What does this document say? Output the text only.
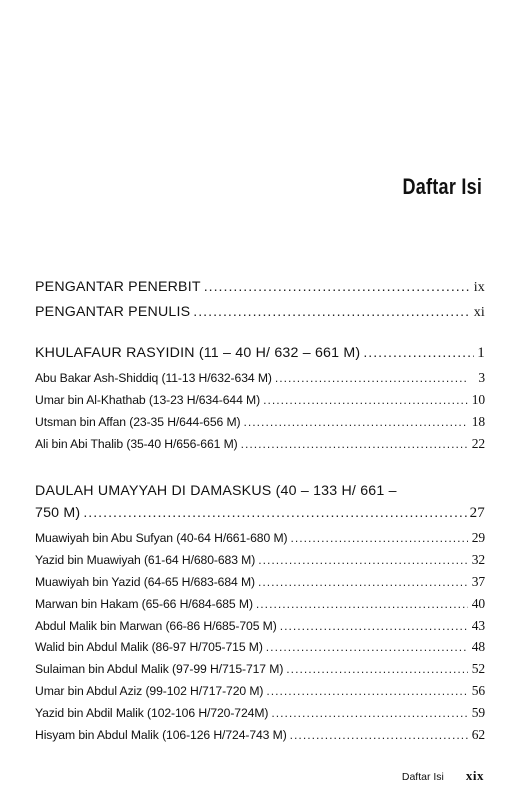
Daftar Isi
PENGANTAR PENERBIT .....	ix
PENGANTAR PENULIS .....	xi
KHULAFAUR RASYIDIN (11 – 40 H/ 632 – 661 M) .....	1
Abu Bakar Ash-Shiddiq (11-13 H/632-634 M) .....	3
Umar bin Al-Khathab (13-23 H/634-644 M) .....	10
Utsman bin Affan (23-35 H/644-656 M) .....	18
Ali bin Abi Thalib (35-40 H/656-661 M) .....	22
DAULAH UMAYYAH DI DAMASKUS (40 – 133 H/ 661 –
750 M) .....	27
Muawiyah bin Abu Sufyan (40-64 H/661-680 M) .....	29
Yazid bin Muawiyah (61-64 H/680-683 M) .....	32
Muawiyah bin Yazid (64-65 H/683-684 M) .....	37
Marwan bin Hakam (65-66 H/684-685 M) .....	40
Abdul Malik bin Marwan (66-86 H/685-705 M) .....	43
Walid bin Abdul Malik (86-97 H/705-715 M) .....	48
Sulaiman bin Abdul Malik (97-99 H/715-717 M) .....	52
Umar bin Abdul Aziz (99-102 H/717-720 M) .....	56
Yazid bin Abdil Malik (102-106 H/720-724M) .....	59
Hisyam bin Abdul Malik (106-126 H/724-743 M) .....	62
Daftar Isi xix
